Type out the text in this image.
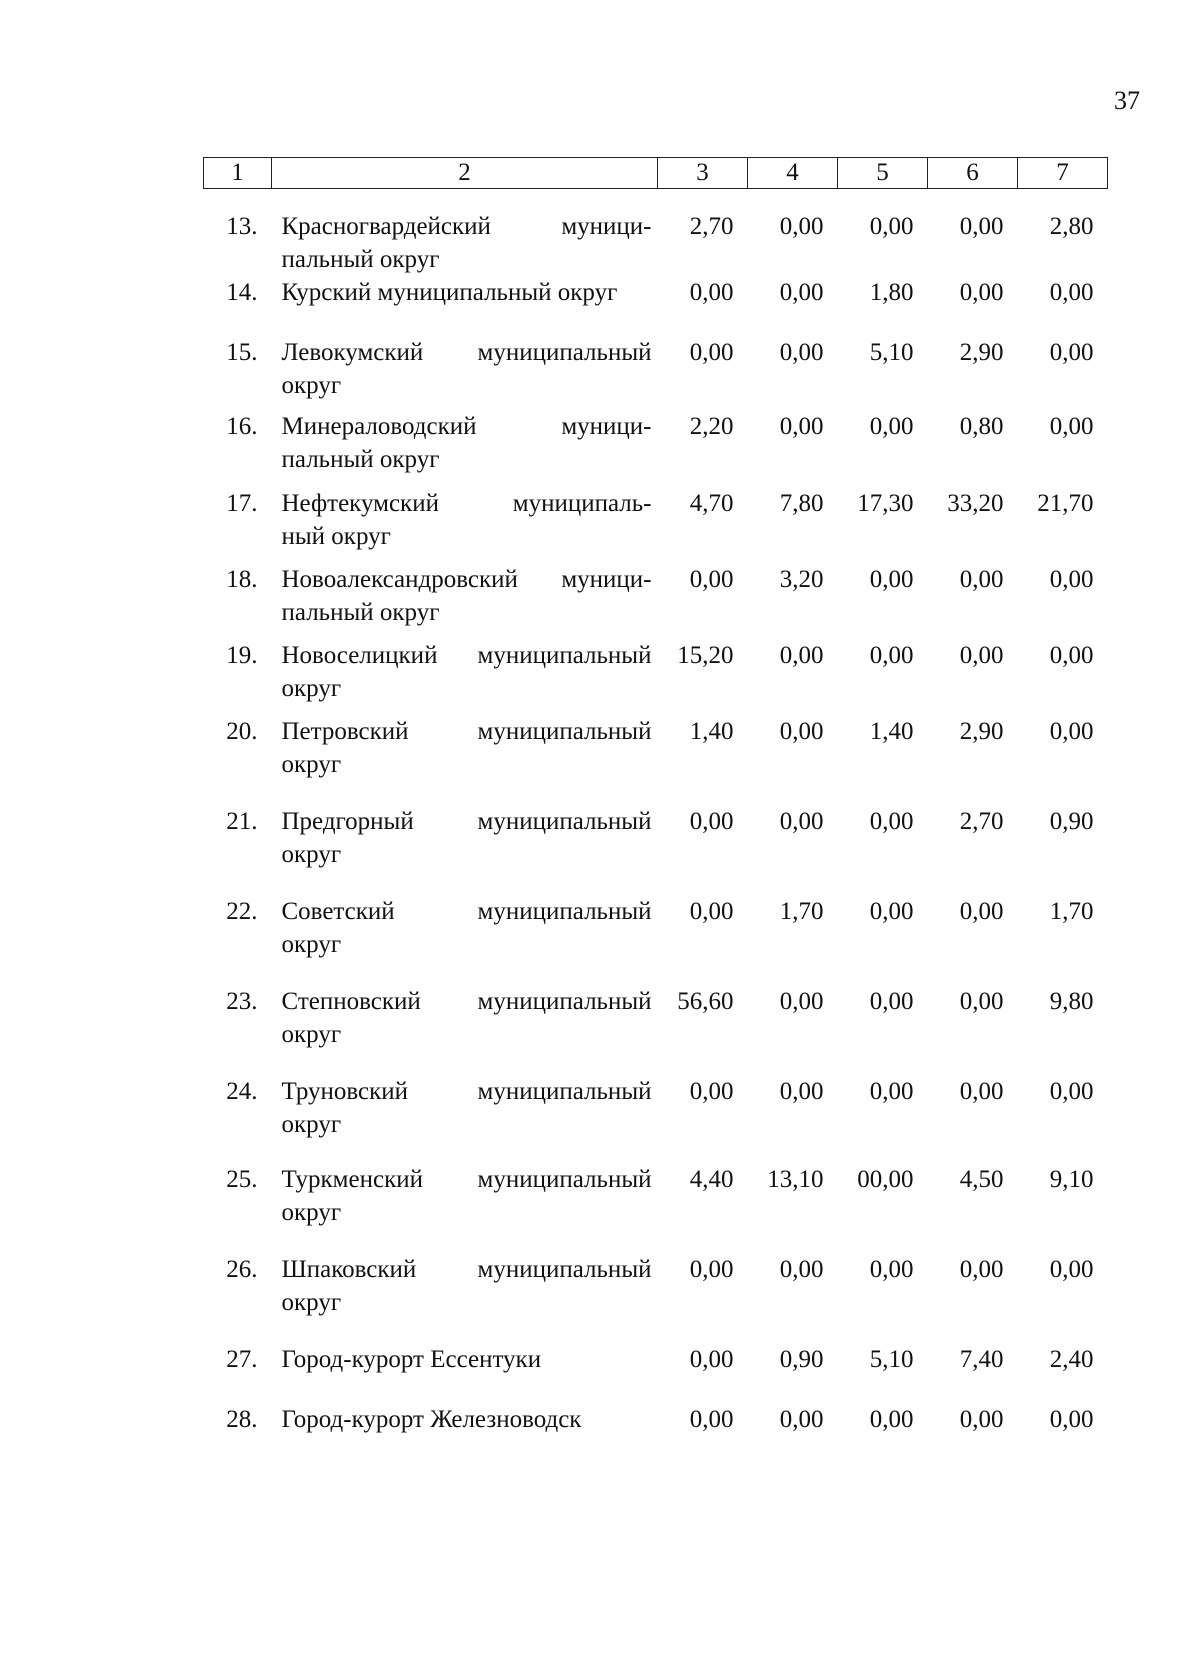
37
1	2	3	4	5	6	7
13.	Красногвардейский муници-
пальный округ	2,70	0,00	0,00	0,00	2,80
14.	Курский муниципальный округ	0,00	0,00	1,80	0,00	0,00
15.	Левокумский муниципальный
округ	0,00	0,00	5,10	2,90	0,00
16.	Минераловодский муници-
пальный округ	2,20	0,00	0,00	0,80	0,00
17.	Нефтекумский муниципаль-
ный округ	4,70	7,80	17,30	33,20	21,70
18.	Новоалександровский муници-
пальный округ	0,00	3,20	0,00	0,00	0,00
19.	Новоселицкий муниципальный
округ	15,20	0,00	0,00	0,00	0,00
20.	Петровский муниципальный
округ	1,40	0,00	1,40	2,90	0,00
21.	Предгорный муниципальный
округ	0,00	0,00	0,00	2,70	0,90
22.	Советский муниципальный
округ	0,00	1,70	0,00	0,00	1,70
23.	Степновский муниципальный
округ	56,60	0,00	0,00	0,00	9,80
24.	Труновский муниципальный
округ	0,00	0,00	0,00	0,00	0,00
25.	Туркменский муниципальный
округ	4,40	13,10	00,00	4,50	9,10
26.	Шпаковский муниципальный
округ	0,00	0,00	0,00	0,00	0,00
27.	Город-курорт Ессентуки	0,00	0,90	5,10	7,40	2,40
28.	Город-курорт Железноводск	0,00	0,00	0,00	0,00	0,00
